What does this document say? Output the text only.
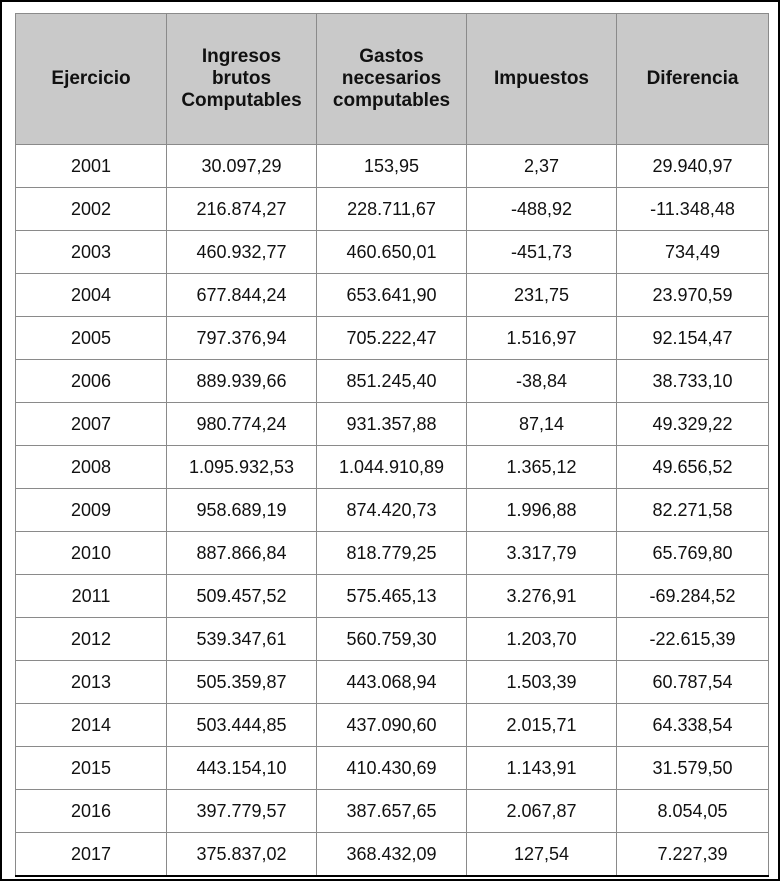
Ejercicio	Ingresos brutos Computables	Gastos necesarios computables	Impuestos	Diferencia
2001	30.097,29	153,95	2,37	29.940,97
2002	216.874,27	228.711,67	-488,92	-11.348,48
2003	460.932,77	460.650,01	-451,73	734,49
2004	677.844,24	653.641,90	231,75	23.970,59
2005	797.376,94	705.222,47	1.516,97	92.154,47
2006	889.939,66	851.245,40	-38,84	38.733,10
2007	980.774,24	931.357,88	87,14	49.329,22
2008	1.095.932,53	1.044.910,89	1.365,12	49.656,52
2009	958.689,19	874.420,73	1.996,88	82.271,58
2010	887.866,84	818.779,25	3.317,79	65.769,80
2011	509.457,52	575.465,13	3.276,91	-69.284,52
2012	539.347,61	560.759,30	1.203,70	-22.615,39
2013	505.359,87	443.068,94	1.503,39	60.787,54
2014	503.444,85	437.090,60	2.015,71	64.338,54
2015	443.154,10	410.430,69	1.143,91	31.579,50
2016	397.779,57	387.657,65	2.067,87	8.054,05
2017	375.837,02	368.432,09	127,54	7.227,39
